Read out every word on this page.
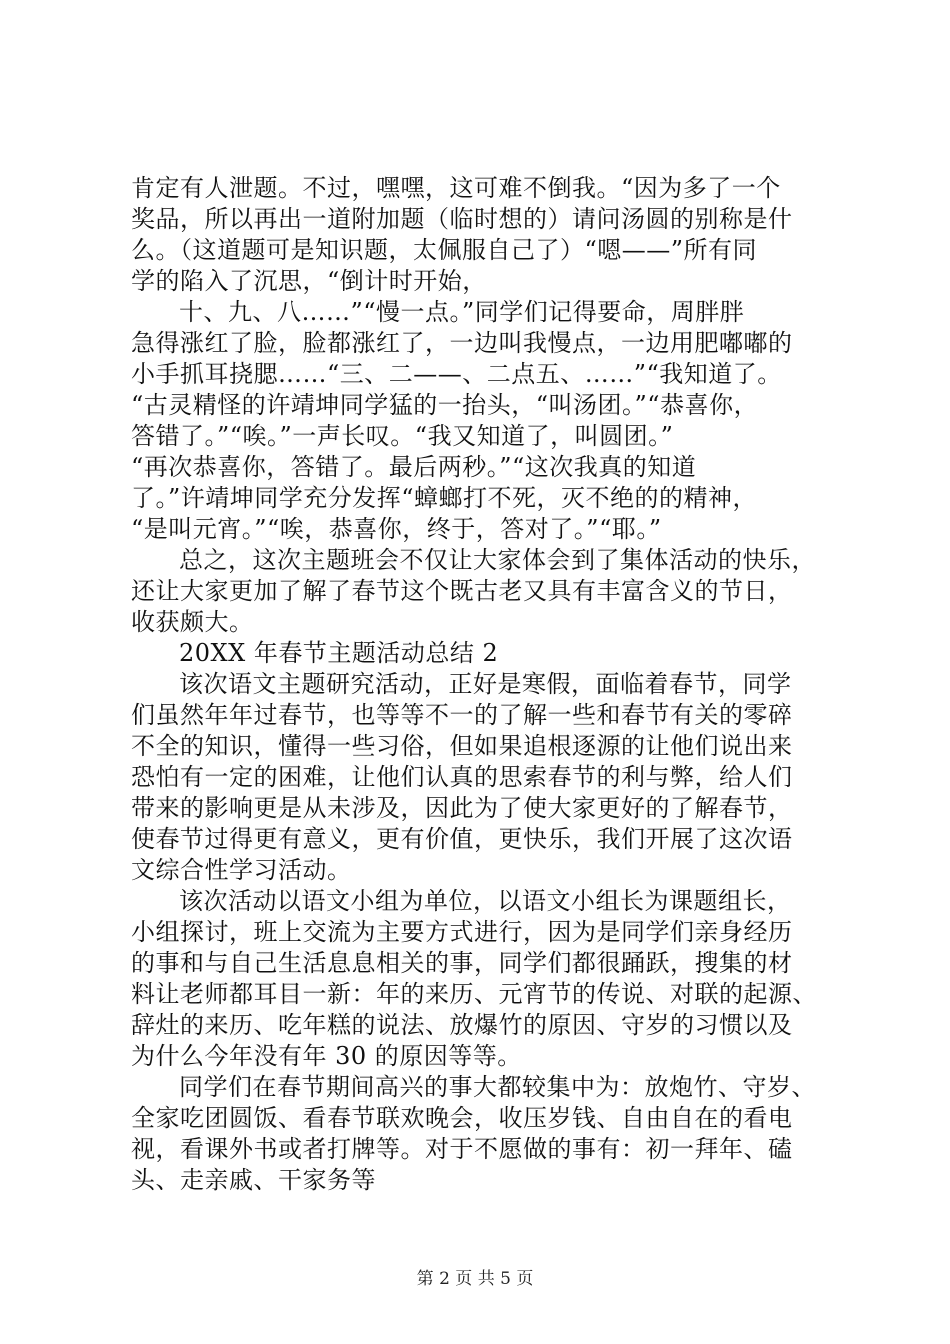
肯定有人泄题。不过，嘿嘿，这可难不倒我。“因为多了一个
奖品，所以再出一道附加题（临时想的）请问汤圆的别称是什
么。（这道题可是知识题，太佩服自己了）“嗯——”所有同
学的陷入了沉思，“倒计时开始，
十、九、八……”“慢一点。”同学们记得要命，周胖胖
急得涨红了脸，脸都涨红了，一边叫我慢点，一边用肥嘟嘟的
小手抓耳挠腮……“三、二——、二点五、……”“我知道了。
“古灵精怪的许靖坤同学猛的一抬头，“叫汤团。”“恭喜你，
答错了。”“唉。”一声长叹。“我又知道了，叫圆团。”
“再次恭喜你，答错了。最后两秒。”“这次我真的知道
了。”许靖坤同学充分发挥“蟑螂打不死，灭不绝的的精神，
“是叫元宵。”“唉，恭喜你，终于，答对了。”“耶。”
总之，这次主题班会不仅让大家体会到了集体活动的快乐，
还让大家更加了解了春节这个既古老又具有丰富含义的节日，
收获颇大。
20XX 年春节主题活动总结 2
该次语文主题研究活动，正好是寒假，面临着春节，同学
们虽然年年过春节，也等等不一的了解一些和春节有关的零碎
不全的知识，懂得一些习俗，但如果追根逐源的让他们说出来
恐怕有一定的困难，让他们认真的思索春节的利与弊，给人们
带来的影响更是从未涉及，因此为了使大家更好的了解春节，
使春节过得更有意义，更有价值，更快乐，我们开展了这次语
文综合性学习活动。
该次活动以语文小组为单位，以语文小组长为课题组长，
小组探讨，班上交流为主要方式进行，因为是同学们亲身经历
的事和与自己生活息息相关的事，同学们都很踊跃，搜集的材
料让老师都耳目一新：年的来历、元宵节的传说、对联的起源、
辞灶的来历、吃年糕的说法、放爆竹的原因、守岁的习惯以及
为什么今年没有年 30 的原因等等。
同学们在春节期间高兴的事大都较集中为：放炮竹、守岁、
全家吃团圆饭、看春节联欢晚会，收压岁钱、自由自在的看电
视，看课外书或者打牌等。对于不愿做的事有：初一拜年、磕
头、走亲戚、干家务等
第 2 页 共 5 页
